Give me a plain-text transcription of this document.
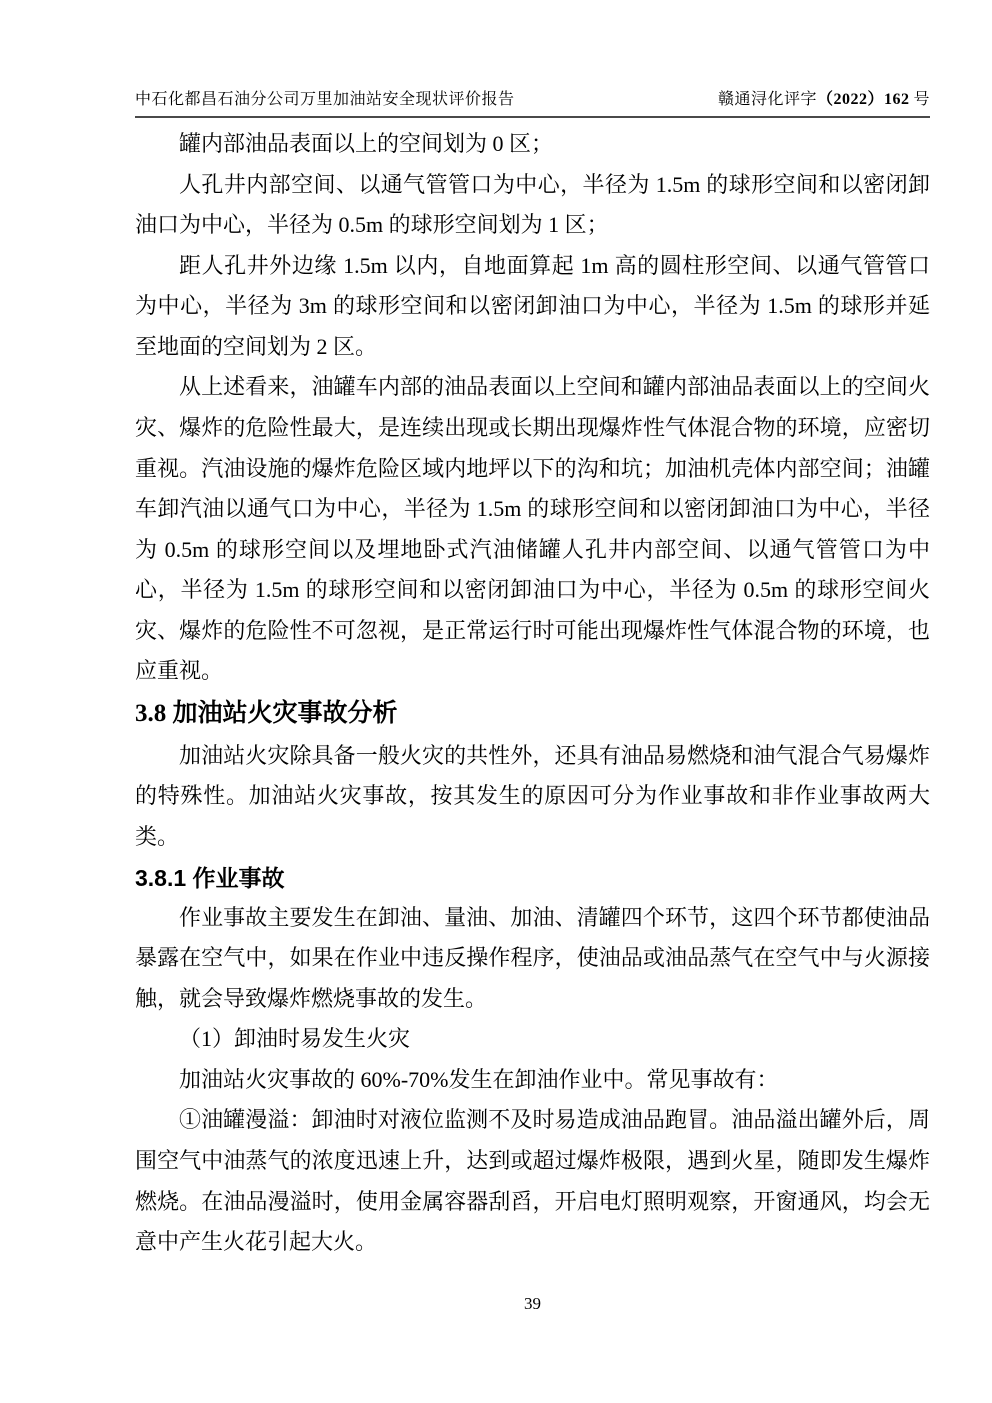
中石化都昌石油分公司万里加油站安全现状评价报告	赣通浔化评字（2022）162 号

罐内部油品表面以上的空间划为 0 区；

人孔井内部空间、以通气管管口为中心，半径为 1.5m 的球形空间和以密闭卸油口为中心，半径为 0.5m 的球形空间划为 1 区；

距人孔井外边缘 1.5m 以内，自地面算起 1m 高的圆柱形空间、以通气管管口为中心，半径为 3m 的球形空间和以密闭卸油口为中心，半径为 1.5m 的球形并延至地面的空间划为 2 区。

从上述看来，油罐车内部的油品表面以上空间和罐内部油品表面以上的空间火灾、爆炸的危险性最大，是连续出现或长期出现爆炸性气体混合物的环境，应密切重视。汽油设施的爆炸危险区域内地坪以下的沟和坑；加油机壳体内部空间；油罐车卸汽油以通气口为中心，半径为 1.5m 的球形空间和以密闭卸油口为中心，半径为 0.5m 的球形空间以及埋地卧式汽油储罐人孔井内部空间、以通气管管口为中心，半径为 1.5m 的球形空间和以密闭卸油口为中心，半径为 0.5m 的球形空间火灾、爆炸的危险性不可忽视，是正常运行时可能出现爆炸性气体混合物的环境，也应重视。

3.8 加油站火灾事故分析

加油站火灾除具备一般火灾的共性外，还具有油品易燃烧和油气混合气易爆炸的特殊性。加油站火灾事故，按其发生的原因可分为作业事故和非作业事故两大类。

3.8.1 作业事故

作业事故主要发生在卸油、量油、加油、清罐四个环节，这四个环节都使油品暴露在空气中，如果在作业中违反操作程序，使油品或油品蒸气在空气中与火源接触，就会导致爆炸燃烧事故的发生。

（1）卸油时易发生火灾

加油站火灾事故的 60%-70%发生在卸油作业中。常见事故有：

①油罐漫溢：卸油时对液位监测不及时易造成油品跑冒。油品溢出罐外后，周围空气中油蒸气的浓度迅速上升，达到或超过爆炸极限，遇到火星，随即发生爆炸燃烧。在油品漫溢时，使用金属容器刮舀，开启电灯照明观察，开窗通风，均会无意中产生火花引起大火。

39
